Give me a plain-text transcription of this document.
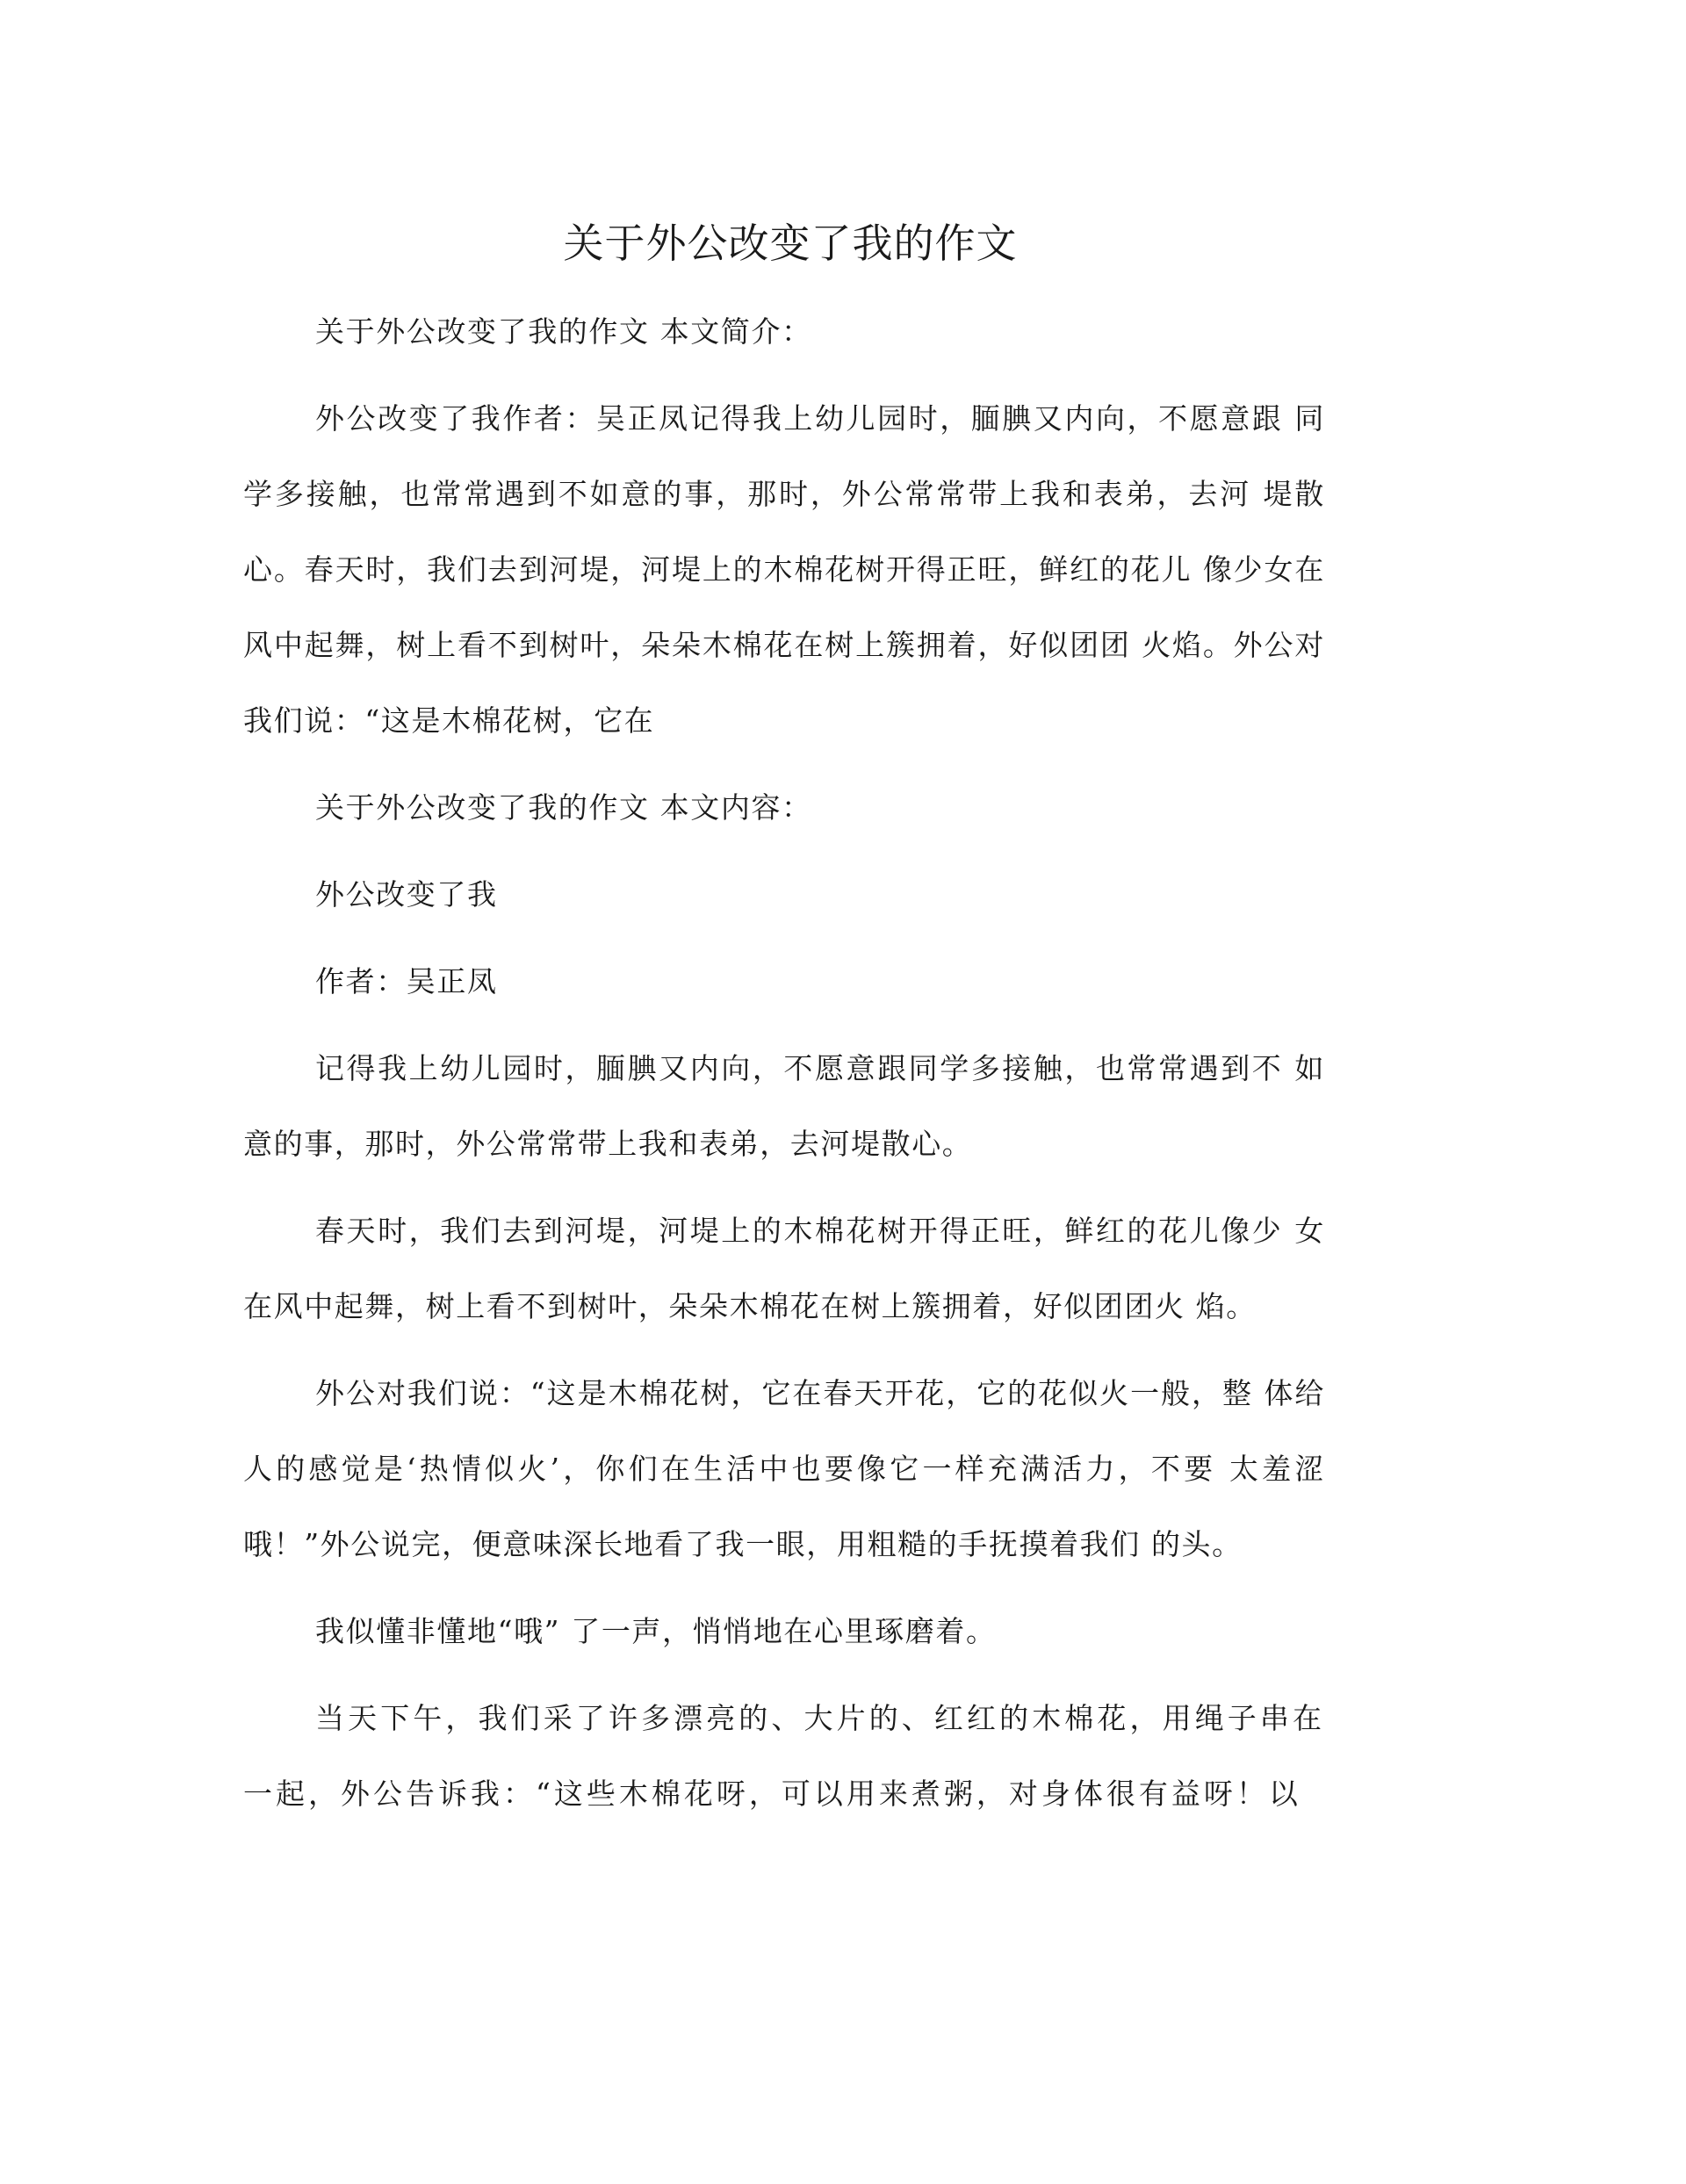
关于外公改变了我的作文

关于外公改变了我的作文 本文简介：

外公改变了我作者：吴正凤记得我上幼儿园时，腼腆又内向，不愿意跟 同学多接触，也常常遇到不如意的事，那时，外公常常带上我和表弟，去河 堤散心。春天时，我们去到河堤，河堤上的木棉花树开得正旺，鲜红的花儿 像少女在风中起舞，树上看不到树叶，朵朵木棉花在树上簇拥着，好似团团 火焰。外公对我们说：“这是木棉花树，它在

关于外公改变了我的作文 本文内容：

外公改变了我

作者：吴正凤

记得我上幼儿园时，腼腆又内向，不愿意跟同学多接触，也常常遇到不 如意的事，那时，外公常常带上我和表弟，去河堤散心。

春天时，我们去到河堤，河堤上的木棉花树开得正旺，鲜红的花儿像少 女在风中起舞，树上看不到树叶，朵朵木棉花在树上簇拥着，好似团团火 焰。

外公对我们说：“这是木棉花树，它在春天开花，它的花似火一般，整 体给人的感觉是‘热情似火’，你们在生活中也要像它一样充满活力，不要 太羞涩哦！”外公说完，便意味深长地看了我一眼，用粗糙的手抚摸着我们 的头。

我似懂非懂地“哦” 了一声，悄悄地在心里琢磨着。

当天下午，我们采了许多漂亮的、大片的、红红的木棉花，用绳子串在 一起，外公告诉我：“这些木棉花呀，可以用来煮粥，对身体很有益呀！以
